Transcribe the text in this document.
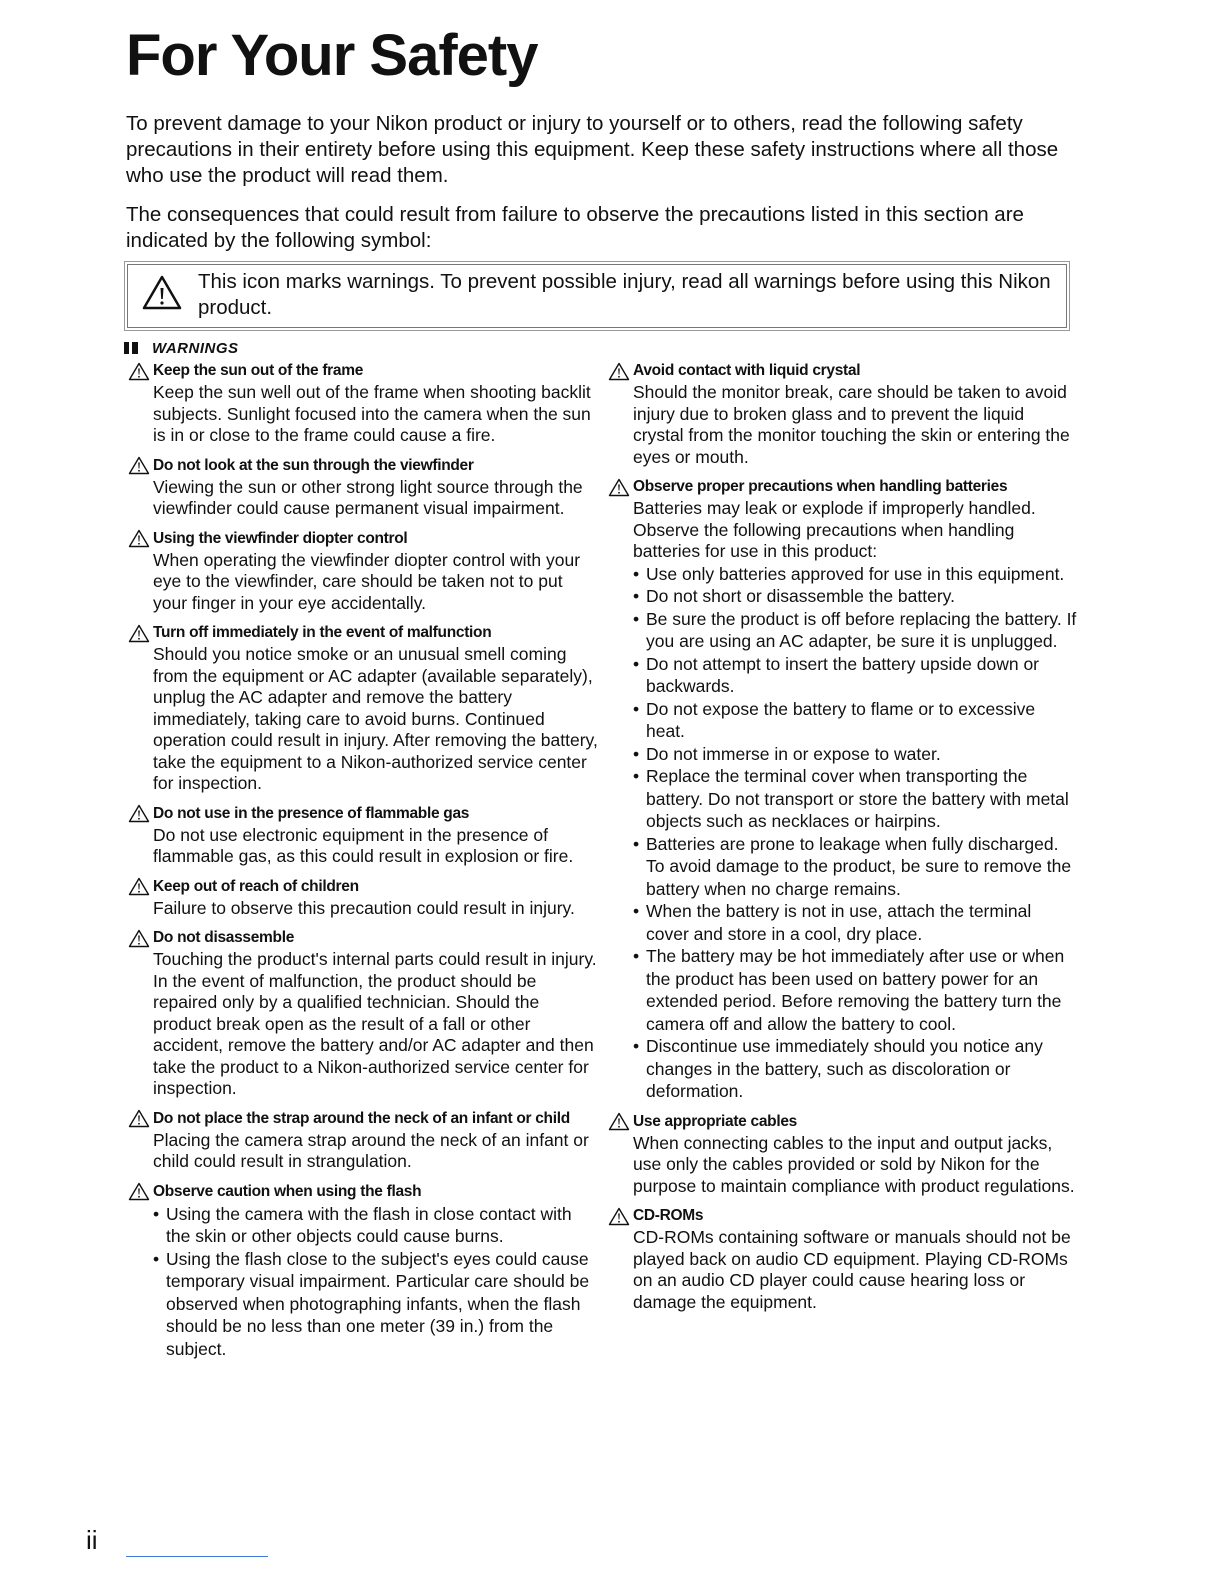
For Your Safety

To prevent damage to your Nikon product or injury to yourself or to others, read the following safety precautions in their entirety before using this equipment. Keep these safety instructions where all those who use the product will read them.

The consequences that could result from failure to observe the precautions listed in this section are indicated by the following symbol:

This icon marks warnings. To prevent possible injury, read all warnings before using this Nikon product.
WARNINGS
Keep the sun out of the frame
Keep the sun well out of the frame when shooting backlit subjects. Sunlight focused into the camera when the sun is in or close to the frame could cause a fire.
Do not look at the sun through the viewfinder
Viewing the sun or other strong light source through the viewfinder could cause permanent visual impairment.
Using the viewfinder diopter control
When operating the viewfinder diopter control with your eye to the viewfinder, care should be taken not to put your finger in your eye accidentally.
Turn off immediately in the event of malfunction
Should you notice smoke or an unusual smell coming from the equipment or AC adapter (available separately), unplug the AC adapter and remove the battery immediately, taking care to avoid burns. Continued operation could result in injury. After removing the battery, take the equipment to a Nikon-authorized service center for inspection.
Do not use in the presence of flammable gas
Do not use electronic equipment in the presence of flammable gas, as this could result in explosion or fire.
Keep out of reach of children
Failure to observe this precaution could result in injury.
Do not disassemble
Touching the product's internal parts could result in injury. In the event of malfunction, the product should be repaired only by a qualified technician. Should the product break open as the result of a fall or other accident, remove the battery and/or AC adapter and then take the product to a Nikon-authorized service center for inspection.
Do not place the strap around the neck of an infant or child
Placing the camera strap around the neck of an infant or child could result in strangulation.
Observe caution when using the flash
• Using the camera with the flash in close contact with the skin or other objects could cause burns.
• Using the flash close to the subject's eyes could cause temporary visual impairment. Particular care should be observed when photographing infants, when the flash should be no less than one meter (39 in.) from the subject.
Avoid contact with liquid crystal
Should the monitor break, care should be taken to avoid injury due to broken glass and to prevent the liquid crystal from the monitor touching the skin or entering the eyes or mouth.
Observe proper precautions when handling batteries
Batteries may leak or explode if improperly handled. Observe the following precautions when handling batteries for use in this product:
• Use only batteries approved for use in this equipment.
• Do not short or disassemble the battery.
• Be sure the product is off before replacing the battery. If you are using an AC adapter, be sure it is unplugged.
• Do not attempt to insert the battery upside down or backwards.
• Do not expose the battery to flame or to excessive heat.
• Do not immerse in or expose to water.
• Replace the terminal cover when transporting the battery. Do not transport or store the battery with metal objects such as necklaces or hairpins.
• Batteries are prone to leakage when fully discharged. To avoid damage to the product, be sure to remove the battery when no charge remains.
• When the battery is not in use, attach the terminal cover and store in a cool, dry place.
• The battery may be hot immediately after use or when the product has been used on battery power for an extended period. Before removing the battery turn the camera off and allow the battery to cool.
• Discontinue use immediately should you notice any changes in the battery, such as discoloration or deformation.
Use appropriate cables
When connecting cables to the input and output jacks, use only the cables provided or sold by Nikon for the purpose to maintain compliance with product regulations.
CD-ROMs
CD-ROMs containing software or manuals should not be played back on audio CD equipment. Playing CD-ROMs on an audio CD player could cause hearing loss or damage the equipment.
ii
